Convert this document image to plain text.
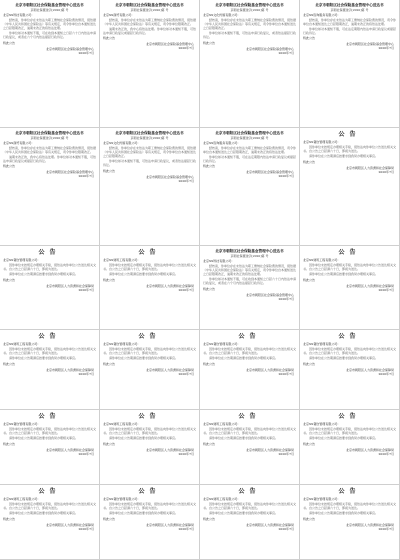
北京市朝阳区社会保险基金管理中心送达书
京朝社保稽送字[2020]第 号
北京XX科技有限公司：

经核查，你单位存在未依法为职工缴纳社会保险费的情况，现依据《中华人民共和国社会保险法》等有关规定，责令你单位自本通知送达之日起限期改正，逾期未改正的将依法处理。

你单位如对本通知不服，可在收到本通知之日起六十日内依法申请行政复议，或者在六个月内依法提起行政诉讼。

特此公告
北京市朝阳区社会保险基金管理中心
2020年7月
北京市朝阳区社会保险基金管理中心送达书
京朝社保稽送字[2020]第 号
北京XX商贸有限公司：

经核查，你单位存在未依法为职工缴纳社会保险费的情况，现依据《中华人民共和国社会保险法》等有关规定，责令你单位限期改正。

逾期未改正的，我中心将依法处理。你单位如对本通知不服，可依法申请行政复议或提起行政诉讼。

特此公告
北京市朝阳区社会保险基金管理中心
2020年7月
北京市朝阳区社会保险基金管理中心送达书
京朝社保稽送字[2020]第 号
北京XX文化传媒有限公司：

经核查，你单位存在未依法为职工缴纳社会保险费的情况，现依据《中华人民共和国社会保险法》等有关规定，责令你单位自本通知送达之日起限期改正。

你单位如对本通知不服，可依法申请行政复议，或者依法提起行政诉讼。

特此公告
北京市朝阳区社会保险基金管理中心
2020年7月
北京市朝阳区社会保险基金管理中心送达书
京朝社保稽送字[2020]第 号
北京XX咨询服务有限公司：

经核查，你单位存在未依法为职工缴纳社会保险费的情况，责令你单位自本通知送达之日起限期改正，逾期未改正的将依法处理。

你单位如对本通知不服，可在法定期限内依法申请行政复议或提起行政诉讼。

特此公告
北京市朝阳区社会保险基金管理中心
2020年7月
北京市朝阳区社会保险基金管理中心送达书
京朝社保稽送字[2020]第 号
北京XX商贸有限公司：

经核查，你单位存在未依法为职工缴纳社会保险费的情况，现依据《中华人民共和国社会保险法》等有关规定，责令你单位限期改正。

逾期未改正的，我中心将依法处理。你单位如对本通知不服，可依法申请行政复议或提起行政诉讼。

特此公告
北京市朝阳区社会保险基金管理中心
2020年7月
北京市朝阳区社会保险基金管理中心送达书
京朝社保稽送字[2020]第 号
北京XX文化传媒有限公司：

经核查，你单位存在未依法为职工缴纳社会保险费的情况，现依据《中华人民共和国社会保险法》等有关规定，责令你单位自本通知送达之日起限期改正。

你单位如对本通知不服，可依法申请行政复议，或者依法提起行政诉讼。

特此公告
北京市朝阳区社会保险基金管理中心
2020年7月
北京市朝阳区社会保险基金管理中心送达书
京朝社保稽送字[2020]第 号
北京XX咨询服务有限公司：

经核查，你单位存在未依法为职工缴纳社会保险费的情况，责令你单位自本通知送达之日起限期改正，逾期未改正的将依法处理。

你单位如对本通知不服，可在法定期限内依法申请行政复议或提起行政诉讼。

特此公告
北京市朝阳区社会保险基金管理中心
2020年7月
公告
北京XX餐饮管理有限公司：

因你单位未按规定办理相关手续，现依法向你单位公告送达相关文书。自公告之日起满六十日，即视为送达。

请你单位在公告期满后按要求到我局办理相关事宜。

特此公告
北京市朝阳区人力资源和社会保障局
2020年7月
公告
北京XX餐饮管理有限公司：

因你单位未按规定办理相关手续，现依法向你单位公告送达相关文书。自公告之日起满六十日，即视为送达。

请你单位在公告期满后按要求到我局办理相关事宜。

特此公告
北京市朝阳区人力资源和社会保障局
2020年7月
公告
北京XX建筑工程有限公司：

因你单位未按规定办理相关手续，现依法向你单位公告送达相关文书。自公告之日起满六十日，即视为送达。

请你单位在公告期满后按要求到我局办理相关事宜。

特此公告
北京市朝阳区人力资源和社会保障局
2020年7月
北京市朝阳区社会保险基金管理中心送达书
京朝社保稽送字[2020]第 号
北京XX科技有限公司：

经核查，你单位存在未依法为职工缴纳社会保险费的情况，现依据《中华人民共和国社会保险法》等有关规定，责令你单位自本通知送达之日起限期改正，逾期未改正的将依法处理。

你单位如对本通知不服，可在收到本通知之日起六十日内依法申请行政复议，或者在六个月内依法提起行政诉讼。

特此公告
北京市朝阳区社会保险基金管理中心
2020年7月
公告
北京XX建筑工程有限公司：

因你单位未按规定办理相关手续，现依法向你单位公告送达相关文书。自公告之日起满六十日，即视为送达。

请你单位在公告期满后按要求到我局办理相关事宜。

特此公告
北京市朝阳区人力资源和社会保障局
2020年7月
公告
北京XX建筑工程有限公司：

因你单位未按规定办理相关手续，现依法向你单位公告送达相关文书。自公告之日起满六十日，即视为送达。

请你单位在公告期满后按要求到我局办理相关事宜。

特此公告
北京市朝阳区人力资源和社会保障局
2020年7月
公告
北京XX餐饮管理有限公司：

因你单位未按规定办理相关手续，现依法向你单位公告送达相关文书。自公告之日起满六十日，即视为送达。

请你单位在公告期满后按要求到我局办理相关事宜。

特此公告
北京市朝阳区人力资源和社会保障局
2020年7月
公告
北京XX餐饮管理有限公司：

因你单位未按规定办理相关手续，现依法向你单位公告送达相关文书。自公告之日起满六十日，即视为送达。

请你单位在公告期满后按要求到我局办理相关事宜。

特此公告
北京市朝阳区人力资源和社会保障局
2020年7月
公告
北京XX餐饮管理有限公司：

因你单位未按规定办理相关手续，现依法向你单位公告送达相关文书。自公告之日起满六十日，即视为送达。

请你单位在公告期满后按要求到我局办理相关事宜。

特此公告
北京市朝阳区人力资源和社会保障局
2020年7月
公告
北京XX餐饮管理有限公司：

因你单位未按规定办理相关手续，现依法向你单位公告送达相关文书。自公告之日起满六十日，即视为送达。

请你单位在公告期满后按要求到我局办理相关事宜。

特此公告
北京市朝阳区人力资源和社会保障局
2020年7月
公告
北京XX建筑工程有限公司：

因你单位未按规定办理相关手续，现依法向你单位公告送达相关文书。自公告之日起满六十日，即视为送达。

请你单位在公告期满后按要求到我局办理相关事宜。

特此公告
北京市朝阳区人力资源和社会保障局
2020年7月
公告
北京XX建筑工程有限公司：

因你单位未按规定办理相关手续，现依法向你单位公告送达相关文书。自公告之日起满六十日，即视为送达。

请你单位在公告期满后按要求到我局办理相关事宜。

特此公告
北京市朝阳区人力资源和社会保障局
2020年7月
公告
北京XX餐饮管理有限公司：

因你单位未按规定办理相关手续，现依法向你单位公告送达相关文书。自公告之日起满六十日，即视为送达。

请你单位在公告期满后按要求到我局办理相关事宜。

特此公告
北京市朝阳区人力资源和社会保障局
2020年7月
公告
北京XX建筑工程有限公司：

因你单位未按规定办理相关手续，现依法向你单位公告送达相关文书。自公告之日起满六十日，即视为送达。

请你单位在公告期满后按要求到我局办理相关事宜。

特此公告
北京市朝阳区人力资源和社会保障局
2020年7月
公告
北京XX餐饮管理有限公司：

因你单位未按规定办理相关手续，现依法向你单位公告送达相关文书。自公告之日起满六十日，即视为送达。

请你单位在公告期满后按要求到我局办理相关事宜。

特此公告
北京市朝阳区人力资源和社会保障局
2020年7月
公告
北京XX建筑工程有限公司：

因你单位未按规定办理相关手续，现依法向你单位公告送达相关文书。自公告之日起满六十日，即视为送达。

请你单位在公告期满后按要求到我局办理相关事宜。

特此公告
北京市朝阳区人力资源和社会保障局
2020年7月
公告
北京XX餐饮管理有限公司：

因你单位未按规定办理相关手续，现依法向你单位公告送达相关文书。自公告之日起满六十日，即视为送达。

请你单位在公告期满后按要求到我局办理相关事宜。

特此公告
北京市朝阳区人力资源和社会保障局
2020年7月
